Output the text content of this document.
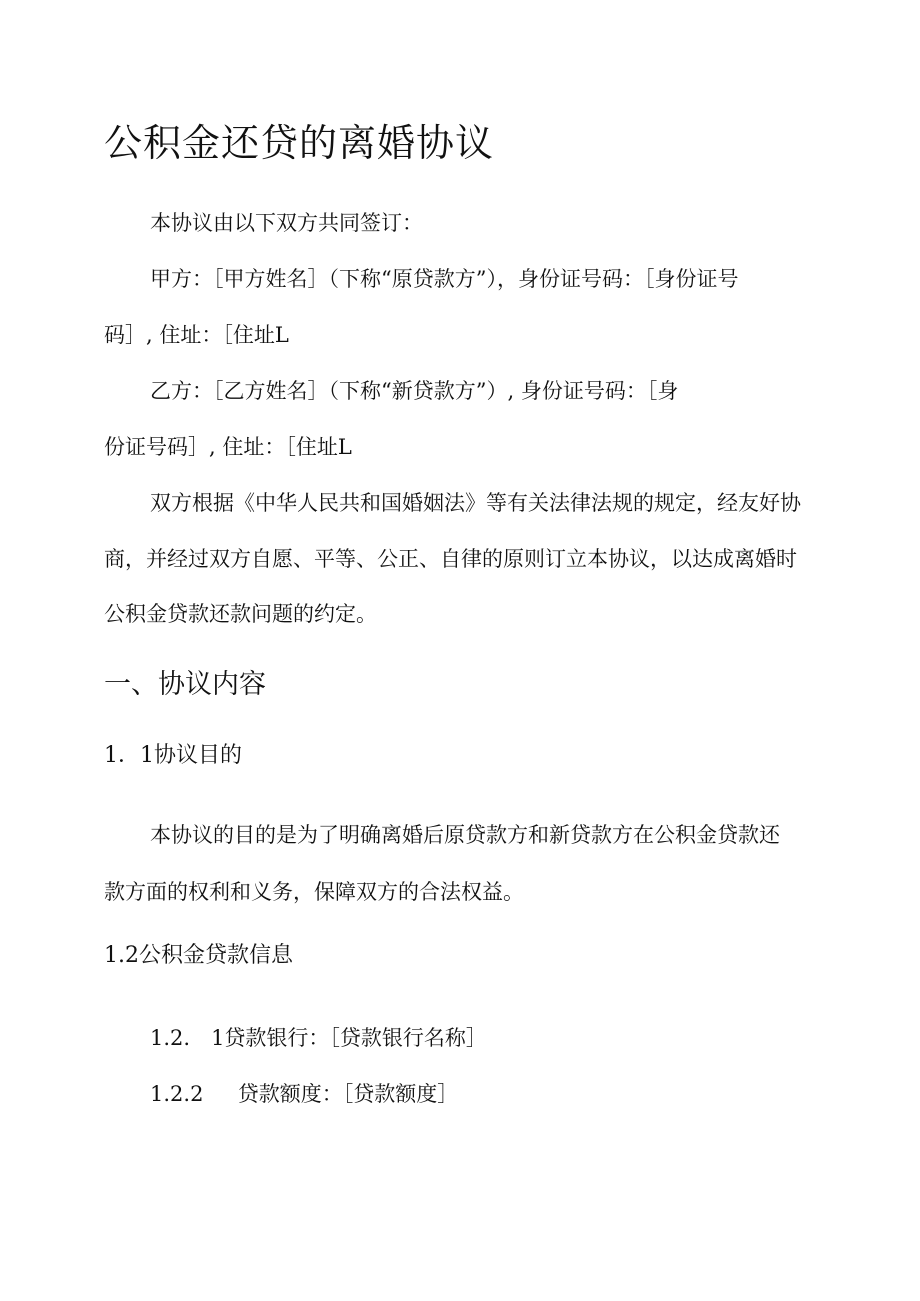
公积金还贷的离婚协议

本协议由以下双方共同签订：

甲方：［甲方姓名］（下称“原贷款方”），身份证号码：［身份证号

码］, 住址：［住址L

乙方：［乙方姓名］（下称“新贷款方”）, 身份证号码：［身

份证号码］, 住址：［住址L

双方根据《中华人民共和国婚姻法》等有关法律法规的规定，经友好协

商，并经过双方自愿、平等、公正、自律的原则订立本协议，以达成离婚时

公积金贷款还款问题的约定。

一、协议内容
1．1协议目的

本协议的目的是为了明确离婚后原贷款方和新贷款方在公积金贷款还

款方面的权利和义务，保障双方的合法权益。

1.2公积金贷款信息

1.2.　1贷款银行：［贷款银行名称］

1.2.2　  贷款额度：［贷款额度］
